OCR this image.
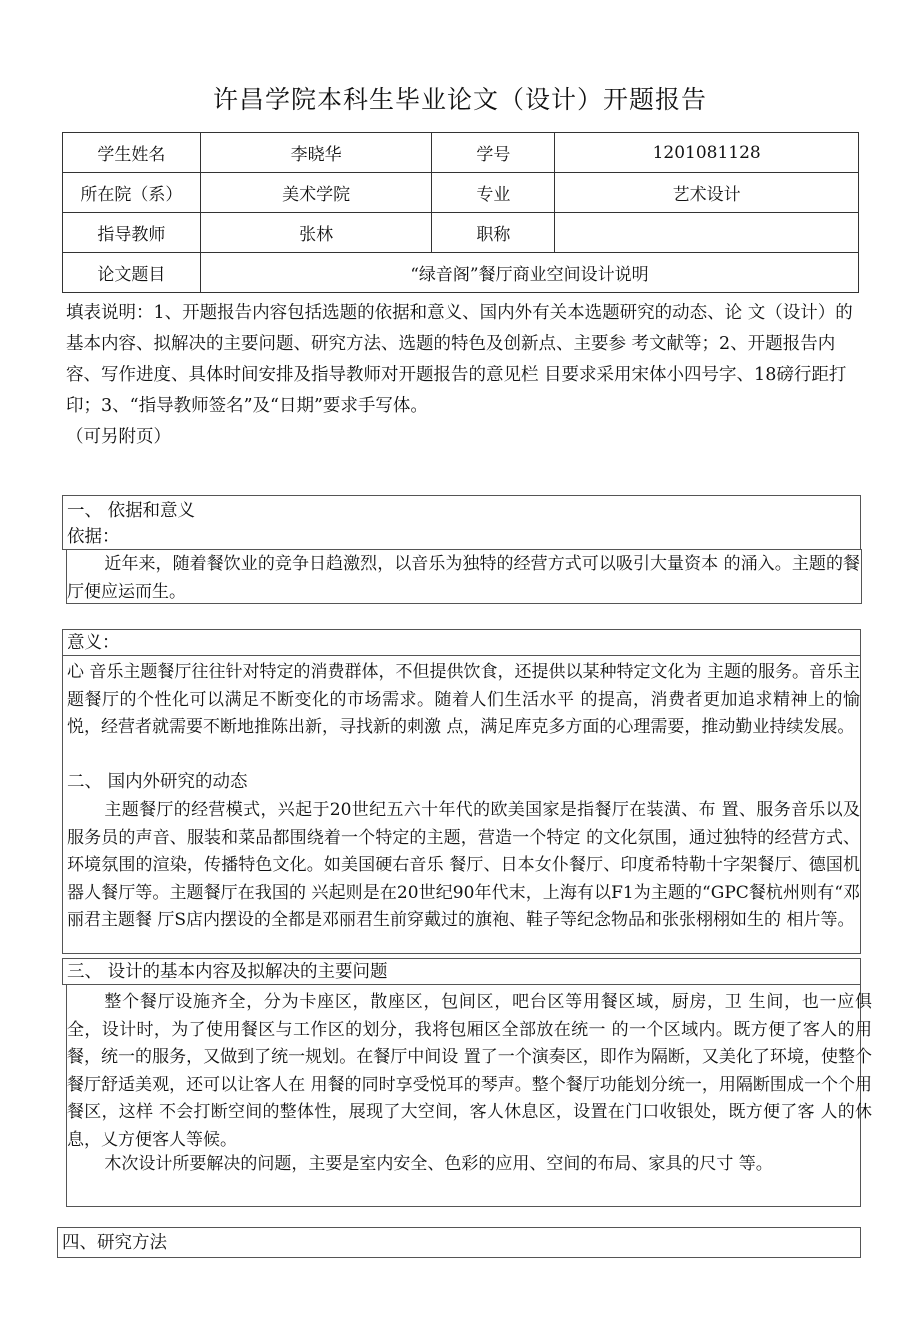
许昌学院本科生毕业论文（设计）开题报告
学生姓名	李晓华	学号	1201081128
所在院（系）	美术学院	专业	艺术设计
指导教师	张林	职称	
论文题目	“绿音阁”餐厅商业空间设计说明		
填表说明：1、开题报告内容包括选题的依据和意义、国内外有关本选题研究的动态、论 文（设计）的基本内容、拟解决的主要问题、研究方法、选题的特色及创新点、主要参 考文献等；2、开题报告内容、写作进度、具体时间安排及指导教师对开题报告的意见栏 目要求采用宋体小四号字、18磅行距打印；3、“指导教师签名”及“日期”要求手写体。
（可另附页）
一、 依据和意义
依据：
近年来，随着餐饮业的竞争日趋激烈，以音乐为独特的经营方式可以吸引大量资本 的涌入。主题的餐厅便应运而生。
意义：
心 音乐主题餐厅往往针对特定的消费群体，不但提供饮食，还提供以某种特定文化为 主题的服务。音乐主题餐厅的个性化可以满足不断变化的市场需求。随着人们生活水平 的提高，消费者更加追求精神上的愉悦，经营者就需要不断地推陈出新，寻找新的刺激 点，满足库克多方面的心理需要，推动勤业持续发展。
二、 国内外研究的动态
主题餐厅的经营模式，兴起于20世纪五六十年代的欧美国家是指餐厅在装潢、布 置、服务音乐以及服务员的声音、服装和菜品都围绕着一个特定的主题，营造一个特定 的文化氛围，通过独特的经营方式、环境氛围的渲染，传播特色文化。如美国硬右音乐 餐厅、日本女仆餐厅、印度希特勒十字架餐厅、德国机器人餐厅等。主题餐厅在我国的 兴起则是在20世纪90年代末，上海有以F1为主题的“GPC餐杭州则有“邓丽君主题餐 厅S店内摆设的全都是邓丽君生前穿戴过的旗袍、鞋子等纪念物品和张张栩栩如生的 相片等。
三、 设计的基本内容及拟解决的主要问题
整个餐厅设施齐全，分为卡座区，散座区，包间区，吧台区等用餐区域，厨房，卫 生间，也一应俱全，设计时，为了使用餐区与工作区的划分，我将包厢区全部放在统一 的一个区域内。既方便了客人的用餐，统一的服务，又做到了统一规划。在餐厅中间设 置了一个演奏区，即作为隔断，又美化了环境，使整个餐厅舒适美观，还可以让客人在 用餐的同时享受悦耳的琴声。整个餐厅功能划分统一，用隔断围成一个个用餐区，这样 不会打断空间的整体性，展现了大空间，客人休息区，设置在门口收银处，既方便了客 人的休息，乂方便客人等候。
木次设计所要解决的问题，主要是室内安全、色彩的应用、空间的布局、家具的尺寸 等。
四、研究方法
